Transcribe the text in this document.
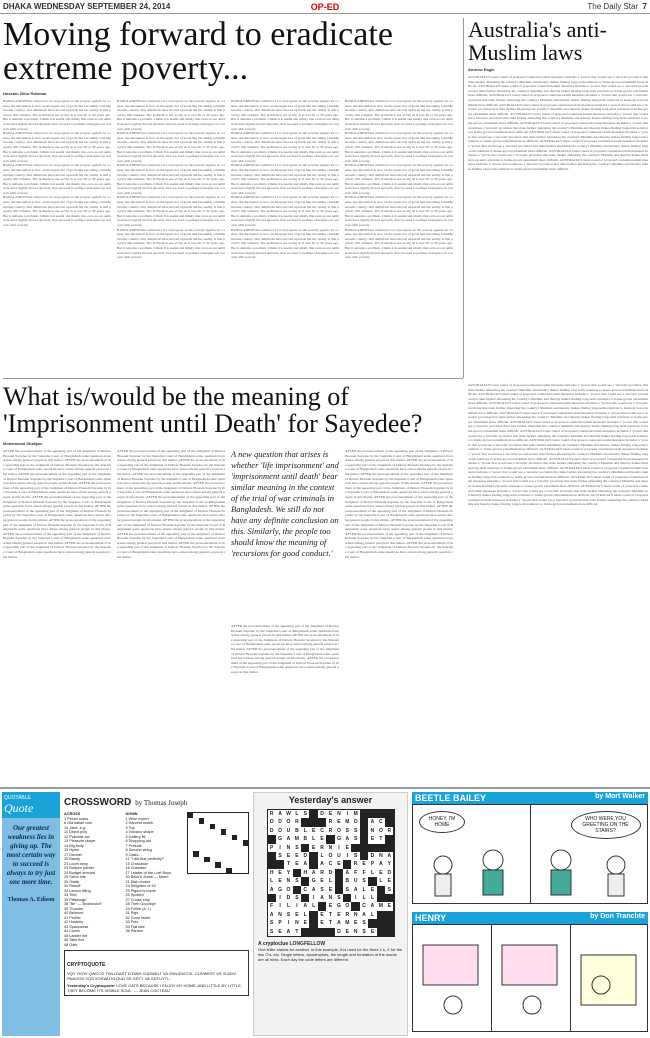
DHAKA WEDNESDAY SEPTEMBER 24, 2014	OP-ED	The Daily Star 7
Moving forward to eradicate extreme poverty...
Hossain Zillur Rahman
BANGLADESH has achieved a lot of progress on the poverty agenda. In a sense, the discussion is now on the upper tier of goals like becoming a middle income country. Our ambitions have moved upwards but the reality is that poverty still remains. The problem is not as big as it was 20 or 30 years ago. But it remains a problem. I think it is useful and timely that even as our ambitions have rightly moved upwards, that we need to perhaps strategise our concern with poverty.
BANGLADESH has achieved a lot of progress on the poverty agenda. In a sense, the discussion is now on the upper tier of goals like becoming a middle income country. Our ambitions have moved upwards but the reality is that poverty still remains. The problem is not as big as it was 20 or 30 years ago. But it remains a problem. I think it is useful and timely that even as our ambitions have rightly moved upwards, that we need to perhaps strategise our concern with poverty.
BANGLADESH has achieved a lot of progress on the poverty agenda. In a sense, the discussion is now on the upper tier of goals like becoming a middle income country. Our ambitions have moved upwards but the reality is that poverty still remains. The problem is not as big as it was 20 or 30 years ago. But it remains a problem. I think it is useful and timely that even as our ambitions have rightly moved upwards, that we need to perhaps strategise our concern with poverty.
BANGLADESH has achieved a lot of progress on the poverty agenda. In a sense, the discussion is now on the upper tier of goals like becoming a middle income country. Our ambitions have moved upwards but the reality is that poverty still remains. The problem is not as big as it was 20 or 30 years ago. But it remains a problem. I think it is useful and timely that even as our ambitions have rightly moved upwards, that we need to perhaps strategise our concern with poverty.
BANGLADESH has achieved a lot of progress on the poverty agenda. In a sense, the discussion is now on the upper tier of goals like becoming a middle income country. Our ambitions have moved upwards but the reality is that poverty still remains. The problem is not as big as it was 20 or 30 years ago. But it remains a problem. I think it is useful and timely that even as our ambitions have rightly moved upwards, that we need to perhaps strategise our concern with poverty.
BANGLADESH has achieved a lot of progress on the poverty agenda. In a sense, the discussion is now on the upper tier of goals like becoming a middle income country. Our ambitions have moved upwards but the reality is that poverty still remains. The problem is not as big as it was 20 or 30 years ago. But it remains a problem. I think it is useful and timely that even as our ambitions have rightly moved upwards, that we need to perhaps strategise our concern with poverty.
BANGLADESH has achieved a lot of progress on the poverty agenda. In a sense, the discussion is now on the upper tier of goals like becoming a middle income country. Our ambitions have moved upwards but the reality is that poverty still remains. The problem is not as big as it was 20 or 30 years ago. But it remains a problem. I think it is useful and timely that even as our ambitions have rightly moved upwards, that we need to perhaps strategise our concern with poverty.
BANGLADESH has achieved a lot of progress on the poverty agenda. In a sense, the discussion is now on the upper tier of goals like becoming a middle income country. Our ambitions have moved upwards but the reality is that poverty still remains. The problem is not as big as it was 20 or 30 years ago. But it remains a problem. I think it is useful and timely that even as our ambitions have rightly moved upwards, that we need to perhaps strategise our concern with poverty.
BANGLADESH has achieved a lot of progress on the poverty agenda. In a sense, the discussion is now on the upper tier of goals like becoming a middle income country. Our ambitions have moved upwards but the reality is that poverty still remains. The problem is not as big as it was 20 or 30 years ago. But it remains a problem. I think it is useful and timely that even as our ambitions have rightly moved upwards, that we need to perhaps strategise our concern with poverty.
BANGLADESH has achieved a lot of progress on the poverty agenda. In a sense, the discussion is now on the upper tier of goals like becoming a middle income country. Our ambitions have moved upwards but the reality is that poverty still remains. The problem is not as big as it was 20 or 30 years ago. But it remains a problem. I think it is useful and timely that even as our ambitions have rightly moved upwards, that we need to perhaps strategise our concern with poverty.
BANGLADESH has achieved a lot of progress on the poverty agenda. In a sense, the discussion is now on the upper tier of goals like becoming a middle income country. Our ambitions have moved upwards but the reality is that poverty still remains. The problem is not as big as it was 20 or 30 years ago. But it remains a problem. I think it is useful and timely that even as our ambitions have rightly moved upwards, that we need to perhaps strategise our concern with poverty.
BANGLADESH has achieved a lot of progress on the poverty agenda. In a sense, the discussion is now on the upper tier of goals like becoming a middle income country. Our ambitions have moved upwards but the reality is that poverty still remains. The problem is not as big as it was 20 or 30 years ago. But it remains a problem. I think it is useful and timely that even as our ambitions have rightly moved upwards, that we need to perhaps strategise our concern with poverty.
BANGLADESH has achieved a lot of progress on the poverty agenda. In a sense, the discussion is now on the upper tier of goals like becoming a middle income country. Our ambitions have moved upwards but the reality is that poverty still remains. The problem is not as big as it was 20 or 30 years ago. But it remains a problem. I think it is useful and timely that even as our ambitions have rightly moved upwards, that we need to perhaps strategise our concern with poverty.
BANGLADESH has achieved a lot of progress on the poverty agenda. In a sense, the discussion is now on the upper tier of goals like becoming a middle income country. Our ambitions have moved upwards but the reality is that poverty still remains. The problem is not as big as it was 20 or 30 years ago. But it remains a problem. I think it is useful and timely that even as our ambitions have rightly moved upwards, that we need to perhaps strategise our concern with poverty.
BANGLADESH has achieved a lot of progress on the poverty agenda. In a sense, the discussion is now on the upper tier of goals like becoming a middle income country. Our ambitions have moved upwards but the reality is that poverty still remains. The problem is not as big as it was 20 or 30 years ago. But it remains a problem. I think it is useful and timely that even as our ambitions have rightly moved upwards, that we need to perhaps strategise our concern with poverty.
BANGLADESH has achieved a lot of progress on the poverty agenda. In a sense, the discussion is now on the upper tier of goals like becoming a middle income country. Our ambitions have moved upwards but the reality is that poverty still remains. The problem is not as big as it was 20 or 30 years ago. But it remains a problem. I think it is useful and timely that even as our ambitions have rightly moved upwards, that we need to perhaps strategise our concern with poverty.
BANGLADESH has achieved a lot of progress on the poverty agenda. In a sense, the discussion is now on the upper tier of goals like becoming a middle income country. Our ambitions have moved upwards but the reality is that poverty still remains. The problem is not as big as it was 20 or 30 years ago. But it remains a problem. I think it is useful and timely that even as our ambitions have rightly moved upwards, that we need to perhaps strategise our concern with poverty.
BANGLADESH has achieved a lot of progress on the poverty agenda. In a sense, the discussion is now on the upper tier of goals like becoming a middle income country. Our ambitions have moved upwards but the reality is that poverty still remains. The problem is not as big as it was 20 or 30 years ago. But it remains a problem. I think it is useful and timely that even as our ambitions have rightly moved upwards, that we need to perhaps strategise our concern with poverty.
BANGLADESH has achieved a lot of progress on the poverty agenda. In a sense, the discussion is now on the upper tier of goals like becoming a middle income country. Our ambitions have moved upwards but the reality is that poverty still remains. The problem is not as big as it was 20 or 30 years ago. But it remains a problem. I think it is useful and timely that even as our ambitions have rightly moved upwards, that we need to perhaps strategise our concern with poverty.
Australia's anti-Muslim laws
Andrew Eagle
AUSTRALIA'S latest round of proposed counterterrorism measures includes a "power that would see a 'terrorist' provision that risks further alienating the country's Muslims and thereby makes finding long-term solutions to home-grown extremism more difficult. AUSTRALIA'S latest round of proposed counterterrorism measures includes a "power that would see a 'terrorist' provision that risks further alienating the country's Muslims and thereby makes finding long-term solutions to home-grown extremism more difficult. AUSTRALIA'S latest round of proposed counterterrorism measures includes a "power that would see a 'terrorist' provision that risks further alienating the country's Muslims and thereby makes finding long-term solutions to home-grown extremism more difficult. AUSTRALIA'S latest round of proposed counterterrorism measures includes a "power that would see a 'terrorist' provision that risks further alienating the country's Muslims and thereby makes finding long-term solutions to home-grown extremism more difficult. AUSTRALIA'S latest round of proposed counterterrorism measures includes a "power that would see a 'terrorist' provision that risks further alienating the country's Muslims and thereby makes finding long-term solutions to home-grown extremism more difficult. AUSTRALIA'S latest round of proposed counterterrorism measures includes a "power that would see a 'terrorist' provision that risks further alienating the country's Muslims and thereby makes finding long-term solutions to home-grown extremism more difficult. AUSTRALIA'S latest round of proposed counterterrorism measures includes a "power that would see a 'terrorist' provision that risks further alienating the country's Muslims and thereby makes finding long-term solutions to home-grown extremism more difficult. AUSTRALIA'S latest round of proposed counterterrorism measures includes a "power that would see a 'terrorist' provision that risks further alienating the country's Muslims and thereby makes finding long-term solutions to home-grown extremism more difficult. AUSTRALIA'S latest round of proposed counterterrorism measures includes a "power that would see a 'terrorist' provision that risks further alienating the country's Muslims and thereby makes finding long-term solutions to home-grown extremism more difficult. AUSTRALIA'S latest round of proposed counterterrorism measures includes a "power that would see a 'terrorist' provision that risks further alienating the country's Muslims and thereby makes finding long-term solutions to home-grown extremism more difficult.
What is/would be the meaning of 'Imprisonment until Death' for Sayedee?
Mohammad Shahjan
AFTER the pronouncement of the appealing part of the Judgment of Delwar Hossain Sayedee by the Supreme Court of Bangladesh some questions have arisen among general people in this matter. AFTER the pronouncement of the appealing part of the Judgment of Delwar Hossain Sayedee by the Supreme Court of Bangladesh some questions have arisen among general people in this matter. AFTER the pronouncement of the appealing part of the Judgment of Delwar Hossain Sayedee by the Supreme Court of Bangladesh some questions have arisen among general people in this matter. AFTER the pronouncement of the appealing part of the Judgment of Delwar Hossain Sayedee by the Supreme Court of Bangladesh some questions have arisen among general people in this matter. AFTER the pronouncement of the appealing part of the Judgment of Delwar Hossain Sayedee by the Supreme Court of Bangladesh some questions have arisen among general people in this matter. AFTER the pronouncement of the appealing part of the Judgment of Delwar Hossain Sayedee by the Supreme Court of Bangladesh some questions have arisen among general people in this matter. AFTER the pronouncement of the appealing part of the Judgment of Delwar Hossain Sayedee by the Supreme Court of Bangladesh some questions have arisen among general people in this matter. AFTER the pronouncement of the appealing part of the Judgment of Delwar Hossain Sayedee by the Supreme Court of Bangladesh some questions have arisen among general people in this matter. AFTER the pronouncement of the appealing part of the Judgment of Delwar Hossain Sayedee by the Supreme Court of Bangladesh some questions have arisen among general people in this matter.
AFTER the pronouncement of the appealing part of the Judgment of Delwar Hossain Sayedee by the Supreme Court of Bangladesh some questions have arisen among general people in this matter. AFTER the pronouncement of the appealing part of the Judgment of Delwar Hossain Sayedee by the Supreme Court of Bangladesh some questions have arisen among general people in this matter. AFTER the pronouncement of the appealing part of the Judgment of Delwar Hossain Sayedee by the Supreme Court of Bangladesh some questions have arisen among general people in this matter. AFTER the pronouncement of the appealing part of the Judgment of Delwar Hossain Sayedee by the Supreme Court of Bangladesh some questions have arisen among general people in this matter. AFTER the pronouncement of the appealing part of the Judgment of Delwar Hossain Sayedee by the Supreme Court of Bangladesh some questions have arisen among general people in this matter. AFTER the pronouncement of the appealing part of the Judgment of Delwar Hossain Sayedee by the Supreme Court of Bangladesh some questions have arisen among general people in this matter. AFTER the pronouncement of the appealing part of the Judgment of Delwar Hossain Sayedee by the Supreme Court of Bangladesh some questions have arisen among general people in this matter. AFTER the pronouncement of the appealing part of the Judgment of Delwar Hossain Sayedee by the Supreme Court of Bangladesh some questions have arisen among general people in this matter. AFTER the pronouncement of the appealing part of the Judgment of Delwar Hossain Sayedee by the Supreme Court of Bangladesh some questions have arisen among general people in this matter.
A new question that arises is whether 'life imprisonment' and 'imprisonment until death' bear similar meaning in the context of the trial of war criminals in Bangladesh. We still do not have any definite conclusion on this. Similarly, the people too should know the meaning of 'recursions for good conduct.'
AFTER the pronouncement of the appealing part of the Judgment of Delwar Hossain Sayedee by the Supreme Court of Bangladesh some questions have arisen among general people in this matter. AFTER the pronouncement of the appealing part of the Judgment of Delwar Hossain Sayedee by the Supreme Court of Bangladesh some questions have arisen among general people in this matter. AFTER the pronouncement of the appealing part of the Judgment of Delwar Hossain Sayedee by the Supreme Court of Bangladesh some questions have arisen among general people in this matter. AFTER the pronouncement of the appealing part of the Judgment of Delwar Hossain Sayedee by the Supreme Court of Bangladesh some questions have arisen among general people in this matter.
AFTER the pronouncement of the appealing part of the Judgment of Delwar Hossain Sayedee by the Supreme Court of Bangladesh some questions have arisen among general people in this matter. AFTER the pronouncement of the appealing part of the Judgment of Delwar Hossain Sayedee by the Supreme Court of Bangladesh some questions have arisen among general people in this matter. AFTER the pronouncement of the appealing part of the Judgment of Delwar Hossain Sayedee by the Supreme Court of Bangladesh some questions have arisen among general people in this matter. AFTER the pronouncement of the appealing part of the Judgment of Delwar Hossain Sayedee by the Supreme Court of Bangladesh some questions have arisen among general people in this matter. AFTER the pronouncement of the appealing part of the Judgment of Delwar Hossain Sayedee by the Supreme Court of Bangladesh some questions have arisen among general people in this matter. AFTER the pronouncement of the appealing part of the Judgment of Delwar Hossain Sayedee by the Supreme Court of Bangladesh some questions have arisen among general people in this matter. AFTER the pronouncement of the appealing part of the Judgment of Delwar Hossain Sayedee by the Supreme Court of Bangladesh some questions have arisen among general people in this matter. AFTER the pronouncement of the appealing part of the Judgment of Delwar Hossain Sayedee by the Supreme Court of Bangladesh some questions have arisen among general people in this matter. AFTER the pronouncement of the appealing part of the Judgment of Delwar Hossain Sayedee by the Supreme Court of Bangladesh some questions have arisen among general people in this matter.
AUSTRALIA'S latest round of proposed counterterrorism measures includes a "power that would see a 'terrorist' provision that risks further alienating the country's Muslims and thereby makes finding long-term solutions to home-grown extremism more difficult. AUSTRALIA'S latest round of proposed counterterrorism measures includes a "power that would see a 'terrorist' provision that risks further alienating the country's Muslims and thereby makes finding long-term solutions to home-grown extremism more difficult. AUSTRALIA'S latest round of proposed counterterrorism measures includes a "power that would see a 'terrorist' provision that risks further alienating the country's Muslims and thereby makes finding long-term solutions to home-grown extremism more difficult. AUSTRALIA'S latest round of proposed counterterrorism measures includes a "power that would see a 'terrorist' provision that risks further alienating the country's Muslims and thereby makes finding long-term solutions to home-grown extremism more difficult. AUSTRALIA'S latest round of proposed counterterrorism measures includes a "power that would see a 'terrorist' provision that risks further alienating the country's Muslims and thereby makes finding long-term solutions to home-grown extremism more difficult. AUSTRALIA'S latest round of proposed counterterrorism measures includes a "power that would see a 'terrorist' provision that risks further alienating the country's Muslims and thereby makes finding long-term solutions to home-grown extremism more difficult. AUSTRALIA'S latest round of proposed counterterrorism measures includes a "power that would see a 'terrorist' provision that risks further alienating the country's Muslims and thereby makes finding long-term solutions to home-grown extremism more difficult. AUSTRALIA'S latest round of proposed counterterrorism measures includes a "power that would see a 'terrorist' provision that risks further alienating the country's Muslims and thereby makes finding long-term solutions to home-grown extremism more difficult. AUSTRALIA'S latest round of proposed counterterrorism measures includes a "power that would see a 'terrorist' provision that risks further alienating the country's Muslims and thereby makes finding long-term solutions to home-grown extremism more difficult. AUSTRALIA'S latest round of proposed counterterrorism measures includes a "power that would see a 'terrorist' provision that risks further alienating the country's Muslims and thereby makes finding long-term solutions to home-grown extremism more difficult. AUSTRALIA'S latest round of proposed counterterrorism measures includes a "power that would see a 'terrorist' provision that risks further alienating the country's Muslims and thereby makes finding long-term solutions to home-grown extremism more difficult. AUSTRALIA'S latest round of proposed counterterrorism measures includes a "power that would see a 'terrorist' provision that risks further alienating the country's Muslims and thereby makes finding long-term solutions to home-grown extremism more difficult. AUSTRALIA'S latest round of proposed counterterrorism measures includes a "power that would see a 'terrorist' provision that risks further alienating the country's Muslims and thereby makes finding long-term solutions to home-grown extremism more difficult.
QUOTABLE
Quote
Our greatest weakness lies in giving up. The most certain way to succeed is always to try just one more time.
Thomas A. Edison
CROSSWORD by Thomas Joseph
ACROSS
1 Pecan users
6 Old Italian coin
10 Jane, e.g.
11 Depot ploy
12 Publicist act
13 Pleasure player
14 Big bully
15 Hymn
17 Deciver
20 Bandy
21 Loom story
23 Bullpen pitcher
24 Budget amount
25 Salon kite
26 Oddly
30 Rebuff
32 Lemon filling
34 Tied
35 Pittsburgh
38 "Be" — Brockovich"
39 Thunder
40 Belmont
41 Prolific
42 Hostelry
43 Spacewear
44 Comic
45 Ladder tint
46 Take five
48 Oafs
DOWN
1 Wise expert
2 Harvest month
3 Top
4 Volcano shape
5 Gallery fill
6 Shopping aid
7 Prelude
8 Second string
9 Casts
11 "I did that perfectly!"
15 Crossbow
16 Chamber
17 Leader of the Lost Boys
20 Back's Jouse — Mmm
21 Dish choice
24 Neighbor of 42
23 Pigeon's home
25 Spoked
27 Cruise ship
28 Then Goodbye
29 Feline (a. t.)
31 Pigs
32 Gone faster
33 Polo
34 Flat rate
36 Pardon
CRYPTOQUOTE
VQY YKOV QWCCG TWLLDAST D DWH CUDWKLT VA GWUDVCCK. CUDWKST VS YLDDV PNAGOD VQS XOSWU KLQUD SS GDTY VA GDTUYTL.
Yesterday's Cryptoquote: LOVE CATS BECAUSE I ENJOY MY HOME; AND LITTLE BY LITTLE, THEY BECOME ITS VISIBLE SOUL. — JEAN COCTEAU
Yesterday's answer
R A W L	S	D E N	I	M
O D O R	R E M O	A C
D O U B	L	E C R O S	S	N O R
G A M B	L	E	G A S	E	T
P	I	N S	E R N	I	E
S	E	E D	L O U	I	S	D N A
T	E A	A C E	R E	P A Y
H E	Y	H A R D	A	F	F	L	E D
L	E N S	G E	L	B U S	L	E
A G O	C A S	E	S A	L	E	S
I	D S	I	A N S	I	L	L
F	I	L	I	A	L	E G O	C A M E
A N S	E	L	E	T	E R N A	L
S	P	I	N E	E	T	A M E	S
S	E A	T	D E N S	E
A cryptoclue LONGFELLOW
One letter stands for another. In this example, A is used for the three L's, X for the two O's, etc. Single letters, apostrophes, the length and formation of the words are all hints. Each day the code letters are different.
BEETLE BAILEY	by Mort Walker
HONEY, I'M HOME
WHO WERE YOU GREETING ON THE STAIRS?
HENRY	by Don Tranchte
